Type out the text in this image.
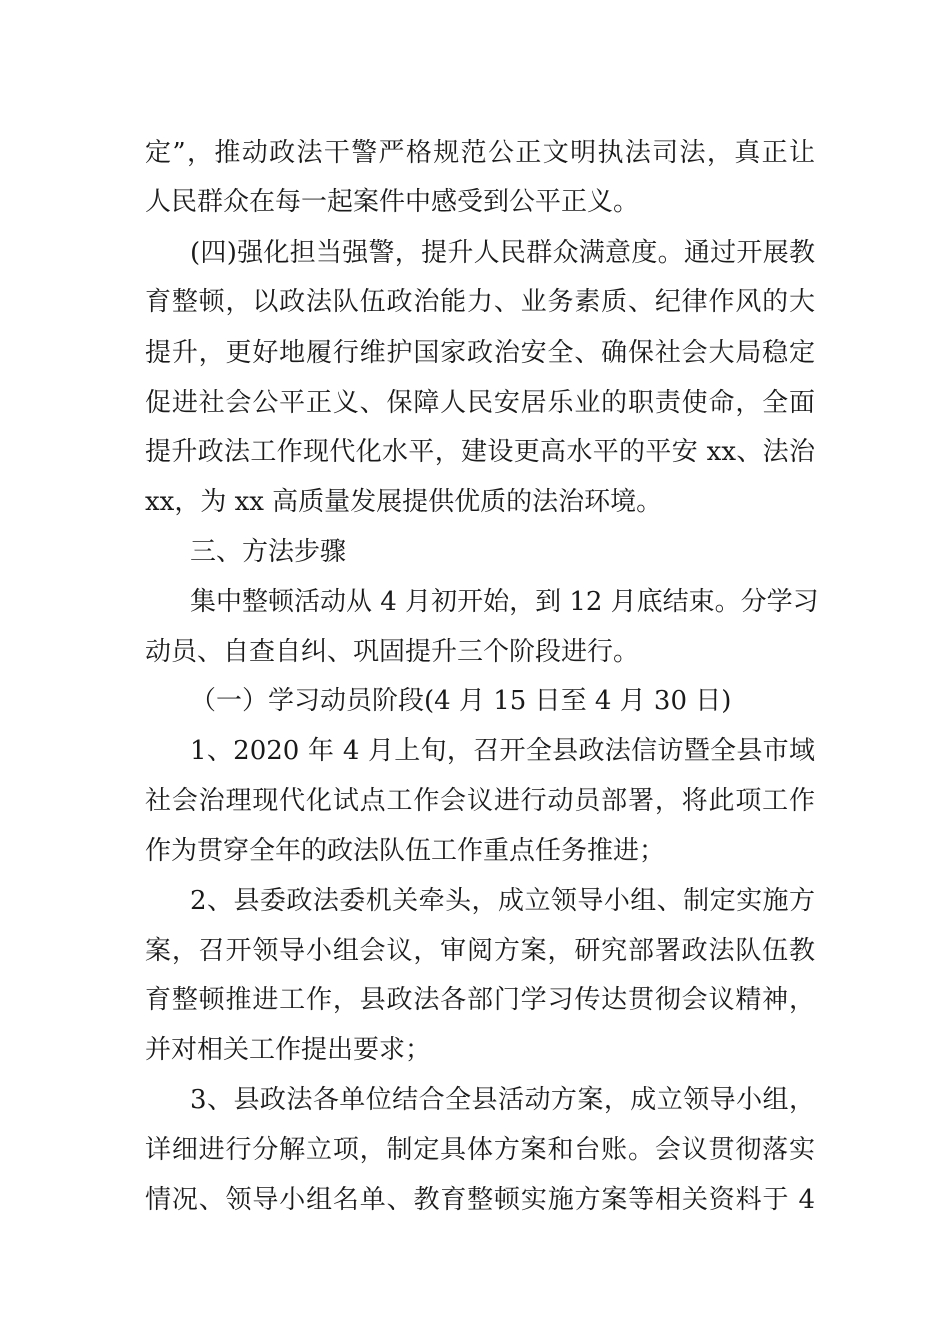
定”，推动政法干警严格规范公正文明执法司法，真正让
人民群众在每一起案件中感受到公平正义。
(四)强化担当强警，提升人民群众满意度。通过开展教
育整顿，以政法队伍政治能力、业务素质、纪律作风的大
提升，更好地履行维护国家政治安全、确保社会大局稳定
促进社会公平正义、保障人民安居乐业的职责使命，全面
提升政法工作现代化水平，建设更高水平的平安 xx、法治
xx，为 xx 高质量发展提供优质的法治环境。
三、方法步骤
集中整顿活动从 4 月初开始，到 12 月底结束。分学习
动员、自查自纠、巩固提升三个阶段进行。
（一）学习动员阶段(4 月 15 日至 4 月 30 日)
1、2020 年 4 月上旬，召开全县政法信访暨全县市域
社会治理现代化试点工作会议进行动员部署，将此项工作
作为贯穿全年的政法队伍工作重点任务推进；
2、县委政法委机关牵头，成立领导小组、制定实施方
案，召开领导小组会议，审阅方案，研究部署政法队伍教
育整顿推进工作，县政法各部门学习传达贯彻会议精神，
并对相关工作提出要求；
3、县政法各单位结合全县活动方案，成立领导小组，
详细进行分解立项，制定具体方案和台账。会议贯彻落实
情况、领导小组名单、教育整顿实施方案等相关资料于 4
